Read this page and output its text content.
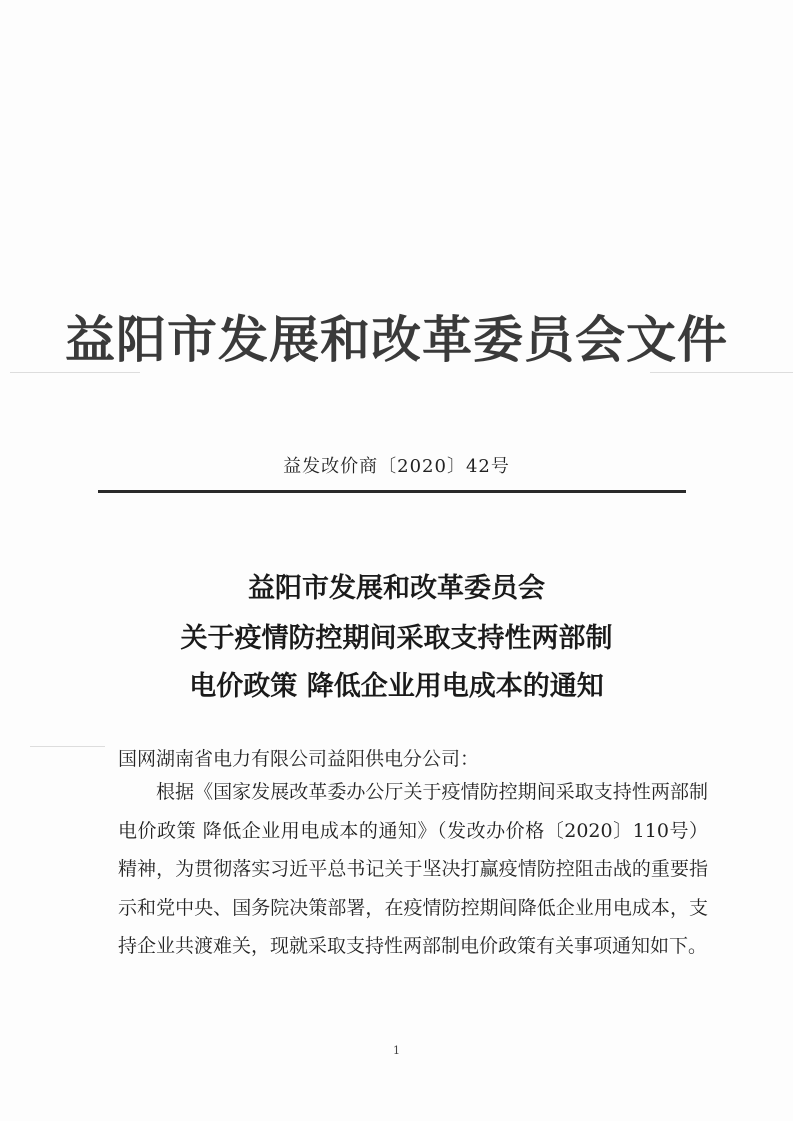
益阳市发展和改革委员会文件
益发改价商〔2020〕42号
益阳市发展和改革委员会
关于疫情防控期间采取支持性两部制
电价政策 降低企业用电成本的通知
国网湖南省电力有限公司益阳供电分公司：
根据《国家发展改革委办公厅关于疫情防控期间采取支持性两部制电价政策 降低企业用电成本的通知》（发改办价格〔2020〕110号）精神，为贯彻落实习近平总书记关于坚决打赢疫情防控阻击战的重要指示和党中央、国务院决策部署，在疫情防控期间降低企业用电成本，支持企业共渡难关，现就采取支持性两部制电价政策有关事项通知如下。
1
